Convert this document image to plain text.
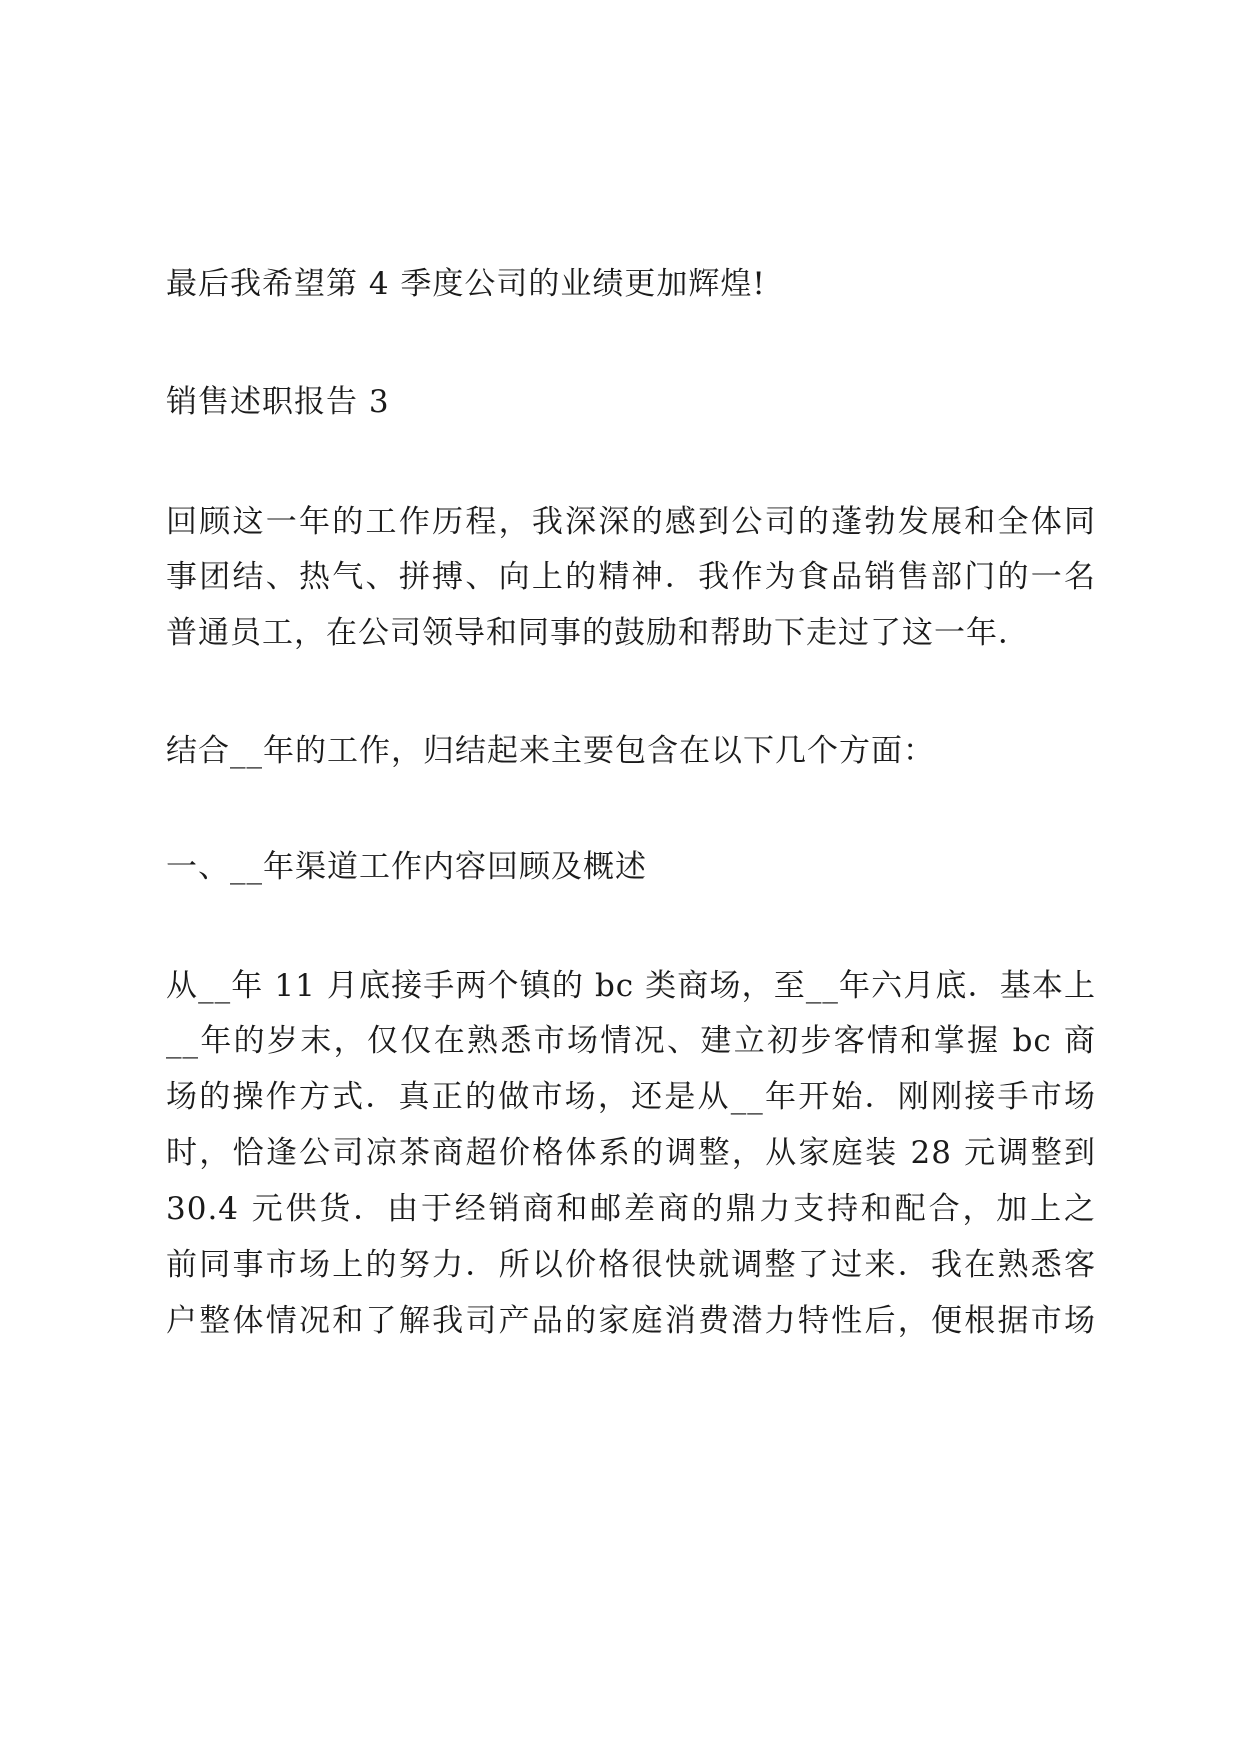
最后我希望第 4 季度公司的业绩更加辉煌!
销售述职报告 3
回顾这一年的工作历程，我深深的感到公司的蓬勃发展和全体同
事团结、热气、拼搏、向上的精神．我作为食品销售部门的一名
普通员工，在公司领导和同事的鼓励和帮助下走过了这一年．
结合__年的工作，归结起来主要包含在以下几个方面：
一、__年渠道工作内容回顾及概述
从__年 11 月底接手两个镇的 bc 类商场，至__年六月底．基本上
__年的岁末，仅仅在熟悉市场情况、建立初步客情和掌握 bc 商
场的操作方式．真正的做市场，还是从__年开始．刚刚接手市场
时，恰逢公司凉茶商超价格体系的调整，从家庭装 28 元调整到
30.4 元供货．由于经销商和邮差商的鼎力支持和配合，加上之
前同事市场上的努力．所以价格很快就调整了过来．我在熟悉客
户整体情况和了解我司产品的家庭消费潜力特性后，便根据市场
